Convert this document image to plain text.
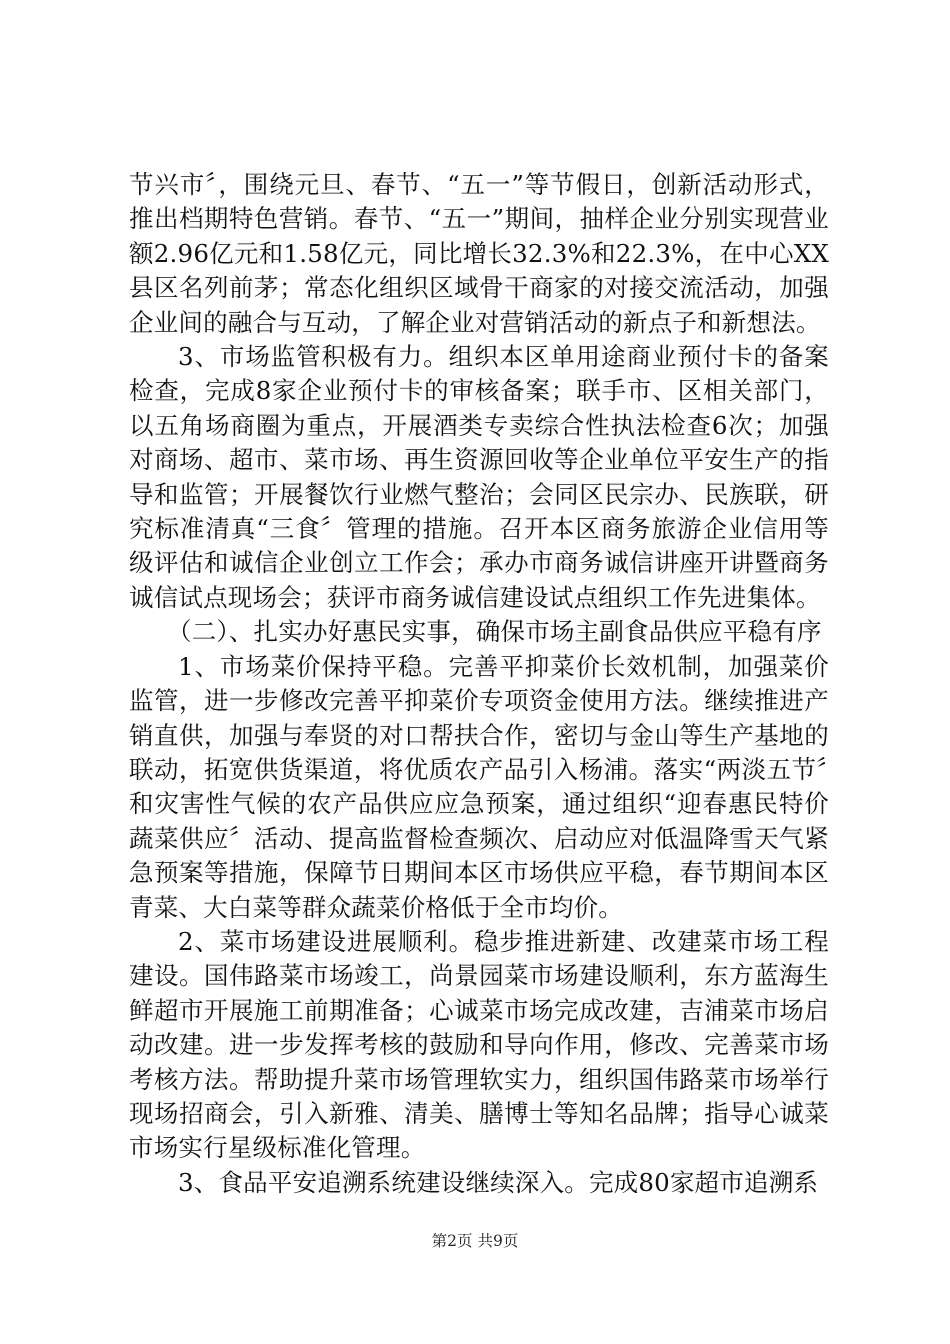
节兴市〞，围绕元旦、春节、“五一”等节假日，创新活动形式，推出档期特色营销。春节、“五一”期间，抽样企业分别实现营业额2.96亿元和1.58亿元，同比增长32.3%和22.3%，在中心XX县区名列前茅；常态化组织区域骨干商家的对接交流活动，加强企业间的融合与互动，了解企业对营销活动的新点子和新想法。

3、市场监管积极有力。组织本区单用途商业预付卡的备案检查，完成8家企业预付卡的审核备案；联手市、区相关部门，以五角场商圈为重点，开展酒类专卖综合性执法检查6次；加强对商场、超市、菜市场、再生资源回收等企业单位平安生产的指导和监管；开展餐饮行业燃气整治；会同区民宗办、民族联，研究标准清真“三食〞管理的措施。召开本区商务旅游企业信用等级评估和诚信企业创立工作会；承办市商务诚信讲座开讲暨商务诚信试点现场会；获评市商务诚信建设试点组织工作先进集体。

（二）、扎实办好惠民实事，确保市场主副食品供应平稳有序

1、市场菜价保持平稳。完善平抑菜价长效机制，加强菜价监管，进一步修改完善平抑菜价专项资金使用方法。继续推进产销直供，加强与奉贤的对口帮扶合作，密切与金山等生产基地的联动，拓宽供货渠道，将优质农产品引入杨浦。落实“两淡五节〞和灾害性气候的农产品供应应急预案，通过组织“迎春惠民特价蔬菜供应〞活动、提高监督检查频次、启动应对低温降雪天气紧急预案等措施，保障节日期间本区市场供应平稳，春节期间本区青菜、大白菜等群众蔬菜价格低于全市均价。

2、菜市场建设进展顺利。稳步推进新建、改建菜市场工程建设。国伟路菜市场竣工，尚景园菜市场建设顺利，东方蓝海生鲜超市开展施工前期准备；心诚菜市场完成改建，吉浦菜市场启动改建。进一步发挥考核的鼓励和导向作用，修改、完善菜市场考核方法。帮助提升菜市场管理软实力，组织国伟路菜市场举行现场招商会，引入新雅、清美、膳博士等知名品牌；指导心诚菜市场实行星级标准化管理。

3、食品平安追溯系统建设继续深入。完成80家超市追溯系

第2页 共9页
